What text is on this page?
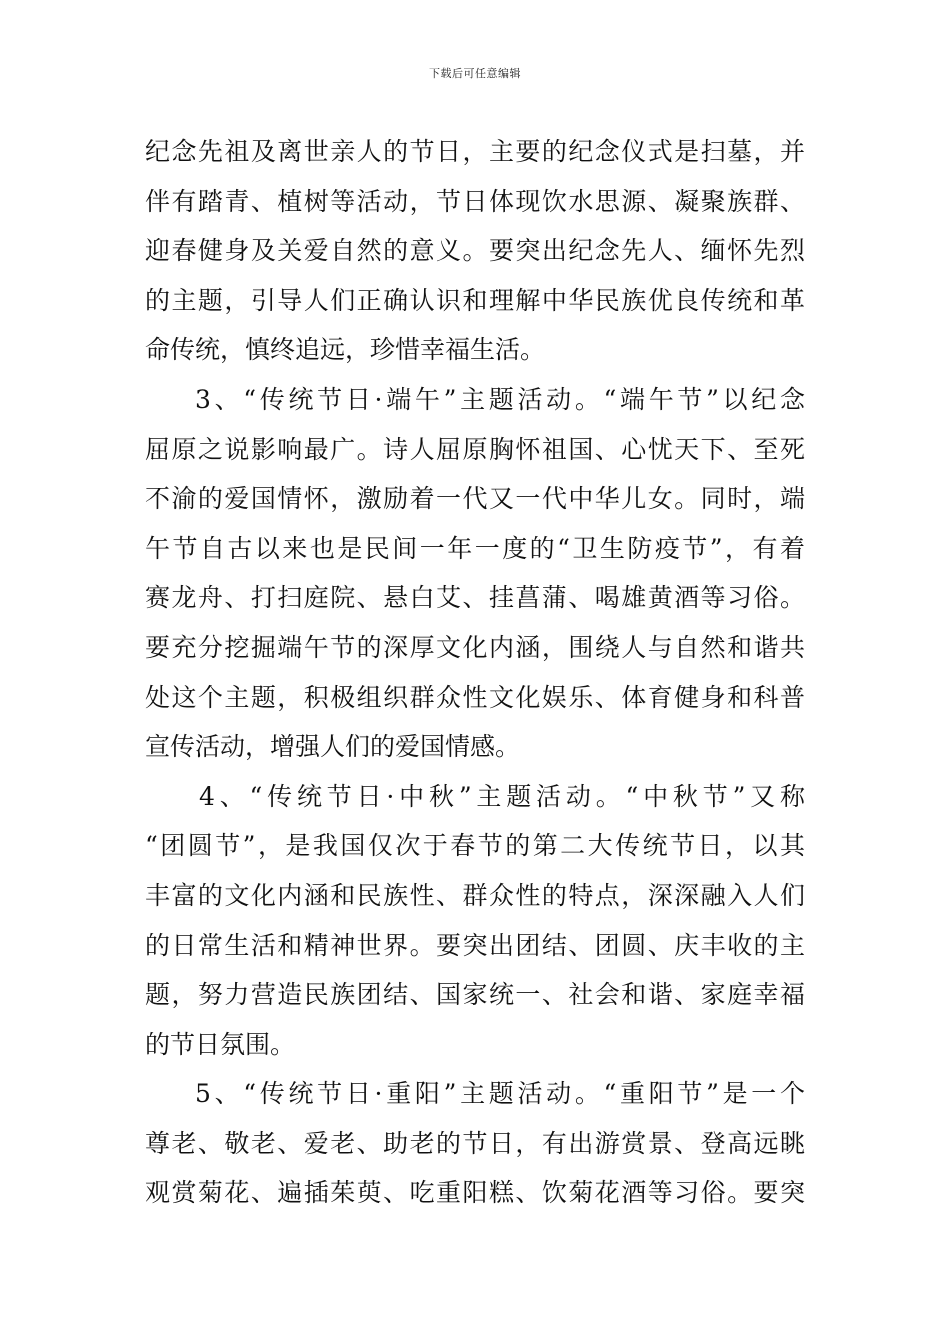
下载后可任意编辑
纪念先祖及离世亲人的节日，主要的纪念仪式是扫墓，并
伴有踏青、植树等活动，节日体现饮水思源、凝聚族群、
迎春健身及关爱自然的意义。要突出纪念先人、缅怀先烈
的主题，引导人们正确认识和理解中华民族优良传统和革
命传统，慎终追远，珍惜幸福生活。
3、“传统节日·端午”主题活动。“端午节”以纪念
屈原之说影响最广。诗人屈原胸怀祖国、心忧天下、至死
不渝的爱国情怀，激励着一代又一代中华儿女。同时，端
午节自古以来也是民间一年一度的“卫生防疫节”，有着
赛龙舟、打扫庭院、悬白艾、挂菖蒲、喝雄黄酒等习俗。
要充分挖掘端午节的深厚文化内涵，围绕人与自然和谐共
处这个主题，积极组织群众性文化娱乐、体育健身和科普
宣传活动，增强人们的爱国情感。
4、“传统节日·中秋”主题活动。“中秋节”又称
“团圆节”，是我国仅次于春节的第二大传统节日，以其
丰富的文化内涵和民族性、群众性的特点，深深融入人们
的日常生活和精神世界。要突出团结、团圆、庆丰收的主
题，努力营造民族团结、国家统一、社会和谐、家庭幸福
的节日氛围。
5、“传统节日·重阳”主题活动。“重阳节”是一个
尊老、敬老、爱老、助老的节日，有出游赏景、登高远眺
观赏菊花、遍插茱萸、吃重阳糕、饮菊花酒等习俗。要突
